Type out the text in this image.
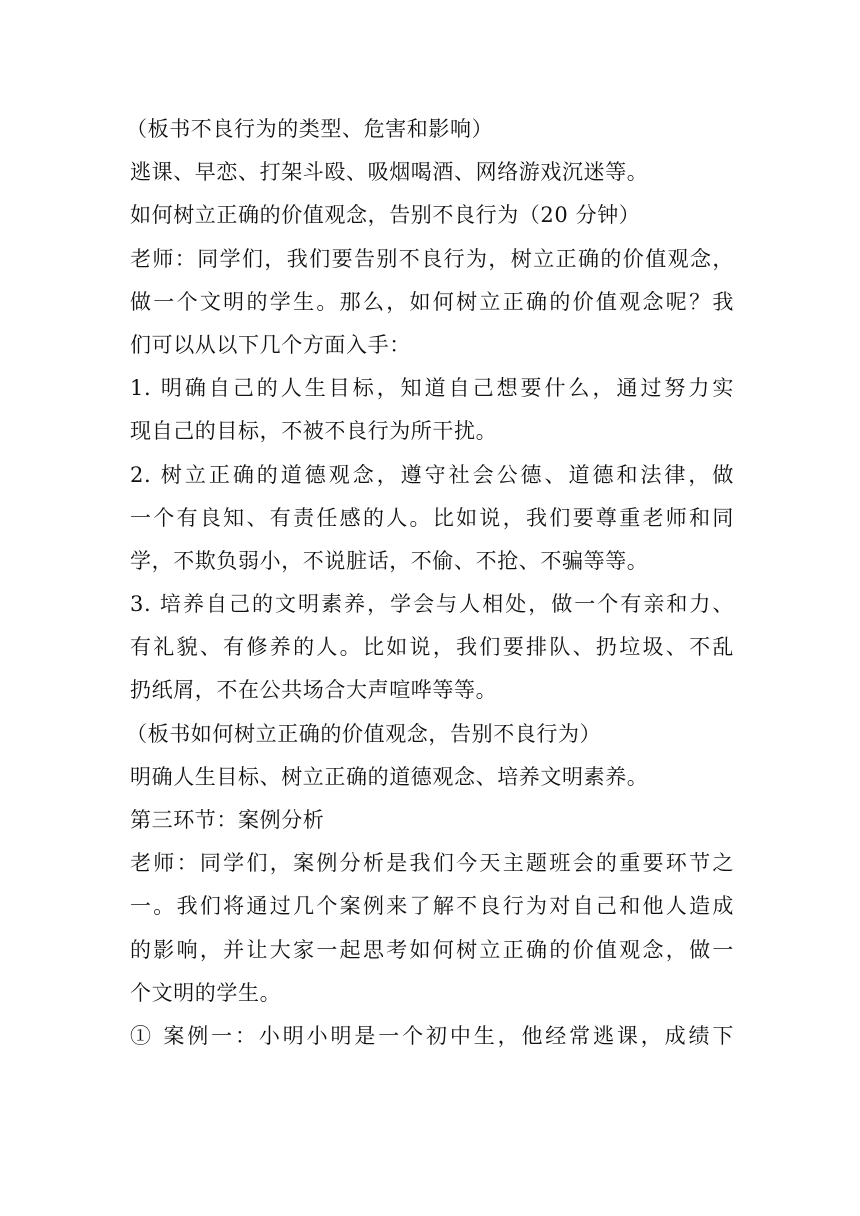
（板书不良行为的类型、危害和影响）
逃课、早恋、打架斗殴、吸烟喝酒、网络游戏沉迷等。
如何树立正确的价值观念，告别不良行为（20 分钟）
老师：同学们，我们要告别不良行为，树立正确的价值观念，
做一个文明的学生。那么，如何树立正确的价值观念呢？我
们可以从以下几个方面入手：
1. 明确自己的人生目标，知道自己想要什么，通过努力实
现自己的目标，不被不良行为所干扰。
2. 树立正确的道德观念，遵守社会公德、道德和法律，做
一个有良知、有责任感的人。比如说，我们要尊重老师和同
学，不欺负弱小，不说脏话，不偷、不抢、不骗等等。
3. 培养自己的文明素养，学会与人相处，做一个有亲和力、
有礼貌、有修养的人。比如说，我们要排队、扔垃圾、不乱
扔纸屑，不在公共场合大声喧哗等等。
（板书如何树立正确的价值观念，告别不良行为）
明确人生目标、树立正确的道德观念、培养文明素养。
第三环节：案例分析
老师：同学们，案例分析是我们今天主题班会的重要环节之
一。我们将通过几个案例来了解不良行为对自己和他人造成
的影响，并让大家一起思考如何树立正确的价值观念，做一
个文明的学生。
① 案例一：小明小明是一个初中生，他经常逃课，成绩下
